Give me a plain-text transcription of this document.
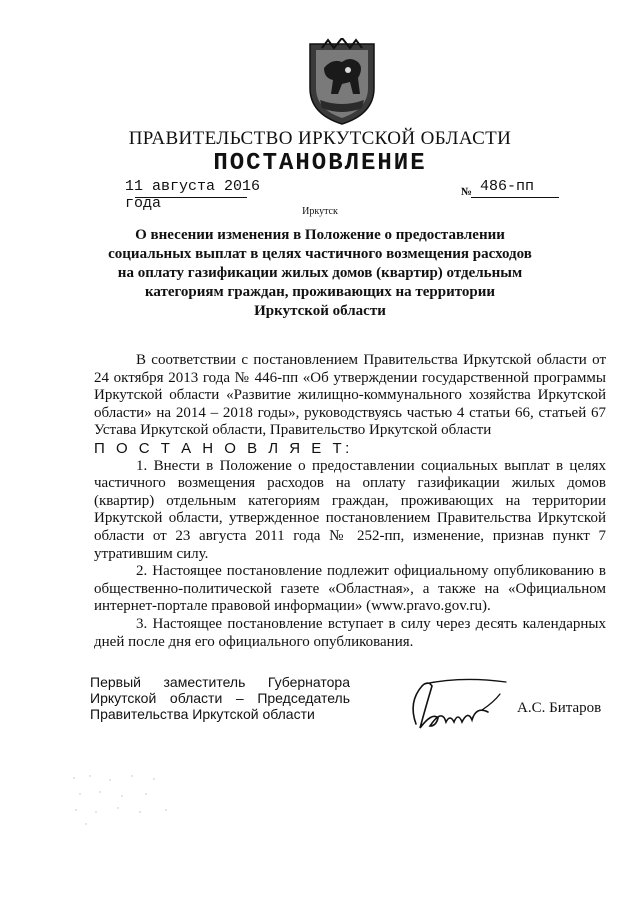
ПРАВИТЕЛЬСТВО ИРКУТСКОЙ ОБЛАСТИ
ПОСТАНОВЛЕНИЕ
11 августа 2016 года
№ 486-пп
Иркутск

О внесении изменения в Положение о предоставлении социальных выплат в целях частичного возмещения расходов на оплату газификации жилых домов (квартир) отдельным категориям граждан, проживающих на территории Иркутской области

В соответствии с постановлением Правительства Иркутской области от 24 октября 2013 года № 446-пп «Об утверждении государственной программы Иркутской области «Развитие жилищно-коммунального хозяйства Иркутской области» на 2014 – 2018 годы», руководствуясь частью 4 статьи 66, статьей 67 Устава Иркутской области, Правительство Иркутской области

П О С Т А Н О В Л Я Е Т:

1. Внести в Положение о предоставлении социальных выплат в целях частичного возмещения расходов на оплату газификации жилых домов (квартир) отдельным категориям граждан, проживающих на территории Иркутской области, утвержденное постановлением Правительства Иркутской области от 23 августа 2011 года № 252-пп, изменение, признав пункт 7 утратившим силу.

2. Настоящее постановление подлежит официальному опубликованию в общественно-политической газете «Областная», а также на «Официальном интернет-портале правовой информации» (www.pravo.gov.ru).

3. Настоящее постановление вступает в силу через десять календарных дней после дня его официального опубликования.

Первый заместитель Губернатора
Иркутской области – Председатель
Правительства Иркутской области	А.С. Битаров
